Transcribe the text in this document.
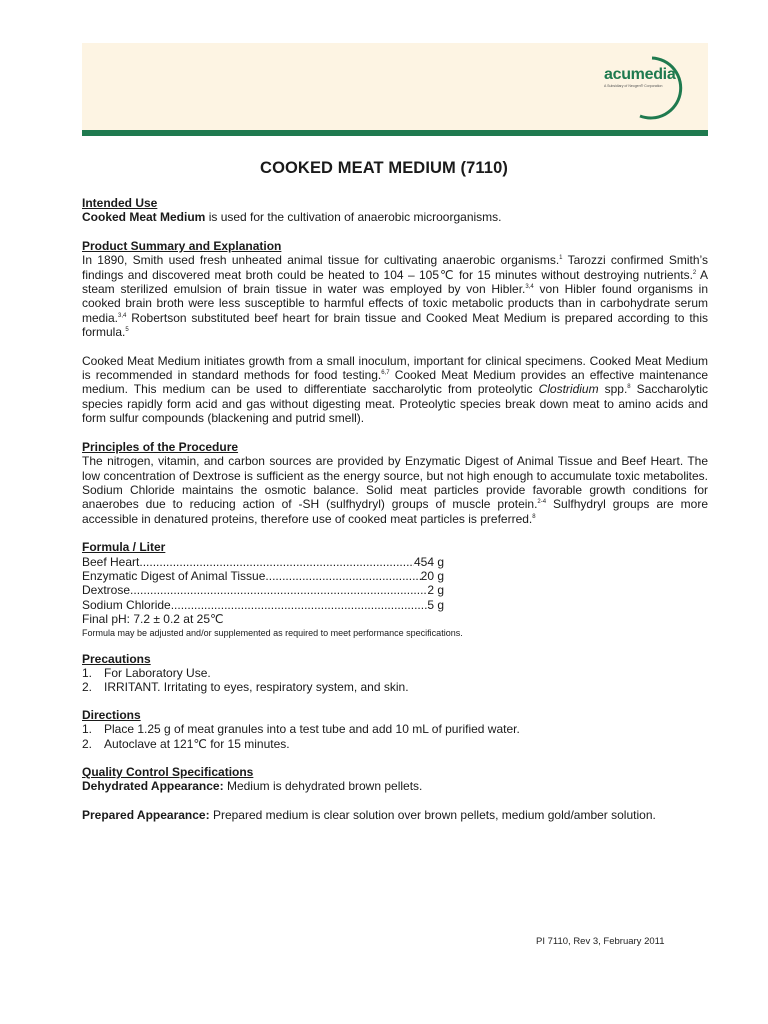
acumedia
A Subsidiary of Neogen® Corporation
COOKED MEAT MEDIUM (7110)

Intended Use

Cooked Meat Medium is used for the cultivation of anaerobic microorganisms.

Product Summary and Explanation

In 1890, Smith used fresh unheated animal tissue for cultivating anaerobic organisms.$^1$ Tarozzi confirmed Smith’s findings and discovered meat broth could be heated to 104 – 105℃ for 15 minutes without destroying nutrients.$^2$ A steam sterilized emulsion of brain tissue in water was employed by von Hibler.$^{3,4}$ von Hibler found organisms in cooked brain broth were less susceptible to harmful effects of toxic metabolic products than in carbohydrate serum media.$^{3,4}$ Robertson substituted beef heart for brain tissue and Cooked Meat Medium is prepared according to this formula.$^5$

Cooked Meat Medium initiates growth from a small inoculum, important for clinical specimens. Cooked Meat Medium is recommended in standard methods for food testing.$^{6,7}$ Cooked Meat Medium provides an effective maintenance medium. This medium can be used to differentiate saccharolytic from proteolytic Clostridium spp.$^8$ Saccharolytic species rapidly form acid and gas without digesting meat. Proteolytic species break down meat to amino acids and form sulfur compounds (blackening and putrid smell).

Principles of the Procedure

The nitrogen, vitamin, and carbon sources are provided by Enzymatic Digest of Animal Tissue and Beef Heart. The low concentration of Dextrose is sufficient as the energy source, but not high enough to accumulate toxic metabolites. Sodium Chloride maintains the osmotic balance. Solid meat particles provide favorable growth conditions for anaerobes due to reducing action of -SH (sulfhydryl) groups of muscle protein.$^{2-4}$ Sulfhydryl groups are more accessible in denatured proteins, therefore use of cooked meat particles is preferred.$^8$

Formula / Liter

Beef Heart .....	454 g
Enzymatic Digest of Animal Tissue .....	20 g
Dextrose .....	2 g
Sodium Chloride .....	5 g

Final pH: 7.2 ± 0.2 at 25℃

Formula may be adjusted and/or supplemented as required to meet performance specifications.

Precautions

1. For Laboratory Use.
2. IRRITANT. Irritating to eyes, respiratory system, and skin.

Directions

1. Place 1.25 g of meat granules into a test tube and add 10 mL of purified water.
2. Autoclave at 121℃ for 15 minutes.

Quality Control Specifications

Dehydrated Appearance: Medium is dehydrated brown pellets.

Prepared Appearance: Prepared medium is clear solution over brown pellets, medium gold/amber solution.

PI 7110, Rev 3, February 2011
